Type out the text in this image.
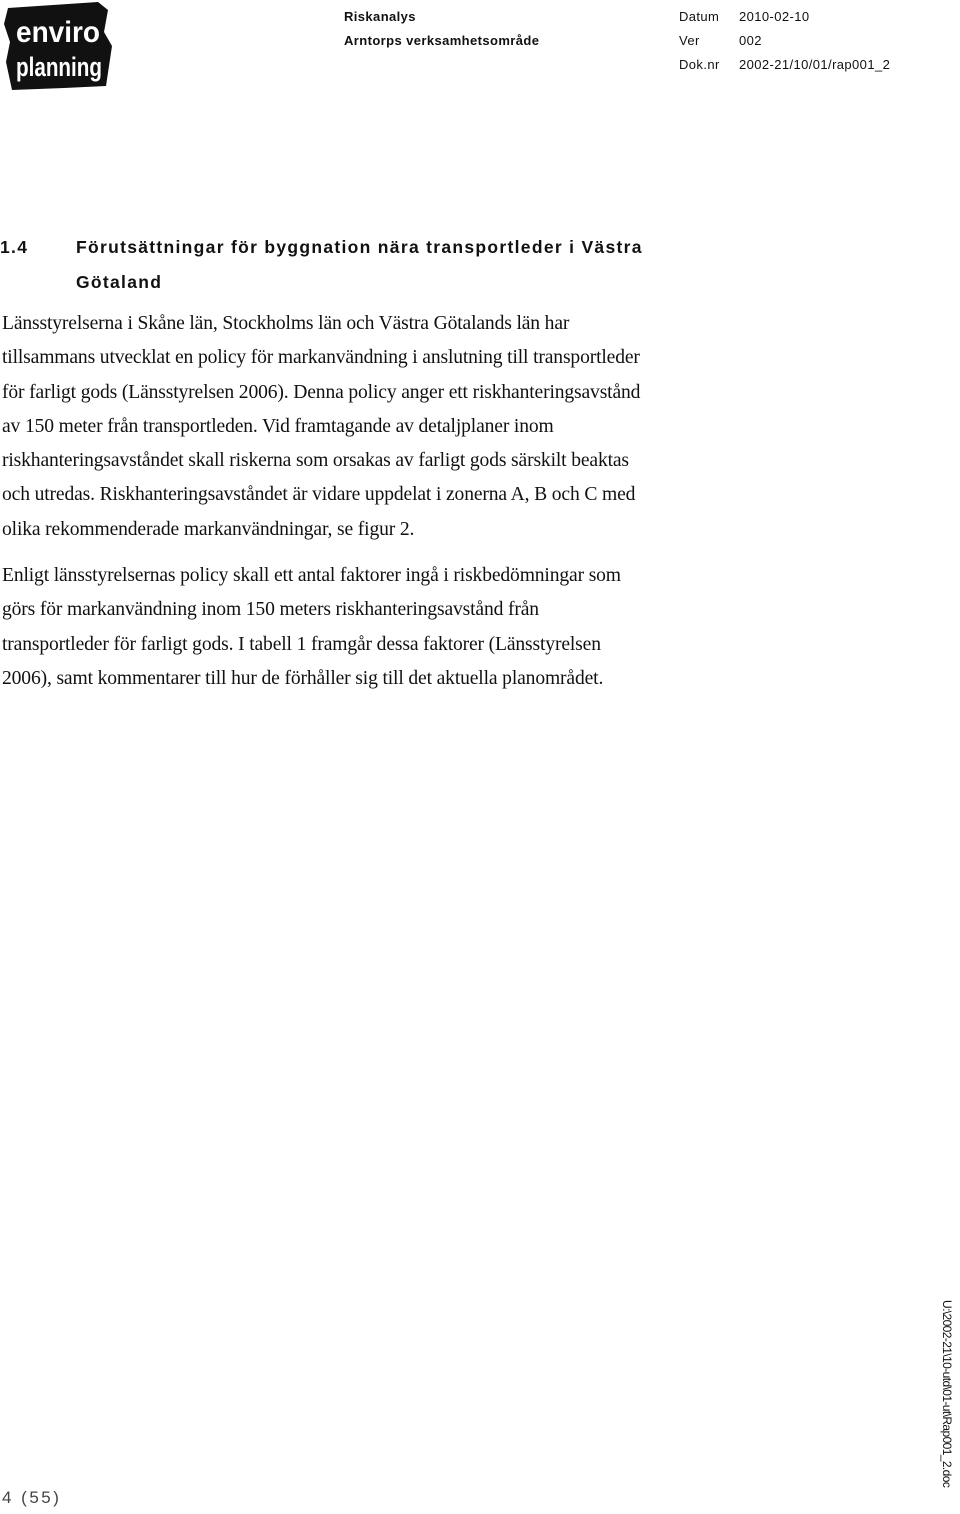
enviro
planning
Riskanalys
Arntorps verksamhetsområde
Datum 2010-02-10
Ver	002
Dok.nr 2002-21/10/01/rap001_2
1.4	Förutsättningar för byggnation nära transportleder i Västra Götaland

Länsstyrelserna i Skåne län, Stockholms län och Västra Götalands län har
tillsammans utvecklat en policy för markanvändning i anslutning till transportleder
för farligt gods (Länsstyrelsen 2006). Denna policy anger ett riskhanteringsavstånd
av 150 meter från transportleden. Vid framtagande av detaljplaner inom
riskhanteringsavståndet skall riskerna som orsakas av farligt gods särskilt beaktas
och utredas. Riskhanteringsavståndet är vidare uppdelat i zonerna A, B och C med
olika rekommenderade markanvändningar, se figur 2.

Enligt länsstyrelsernas policy skall ett antal faktorer ingå i riskbedömningar som
görs för markanvändning inom 150 meters riskhanteringsavstånd från
transportleder för farligt gods. I tabell 1 framgår dessa faktorer (Länsstyrelsen
2006), samt kommentarer till hur de förhåller sig till det aktuella planområdet.

4 (55)
U:\2002-21\10-utd\01-ut\Rap001_2.doc
